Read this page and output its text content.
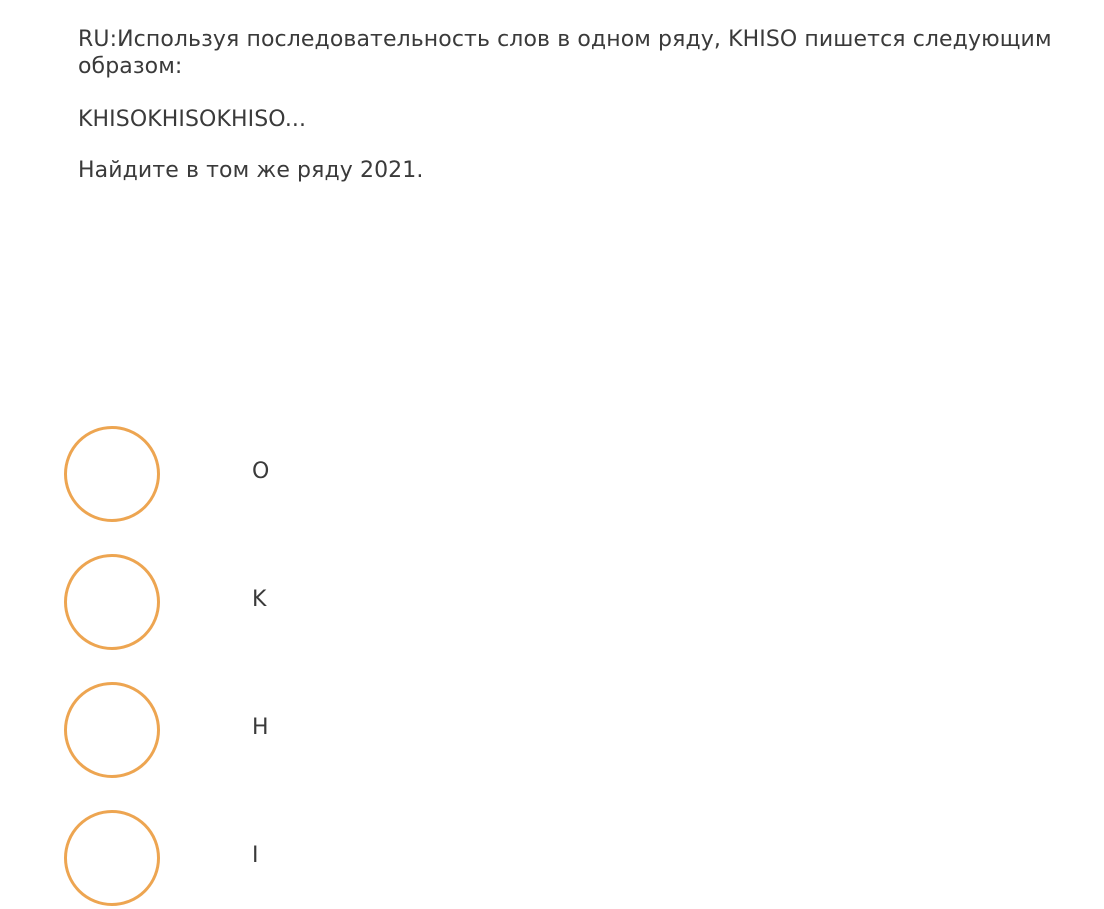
RU:Используя последовательность слов в одном ряду, KHISO пишется следующим образом:

KHISOKHISOKHISO...

Найдите в том же ряду 2021.

O
K
H
I
